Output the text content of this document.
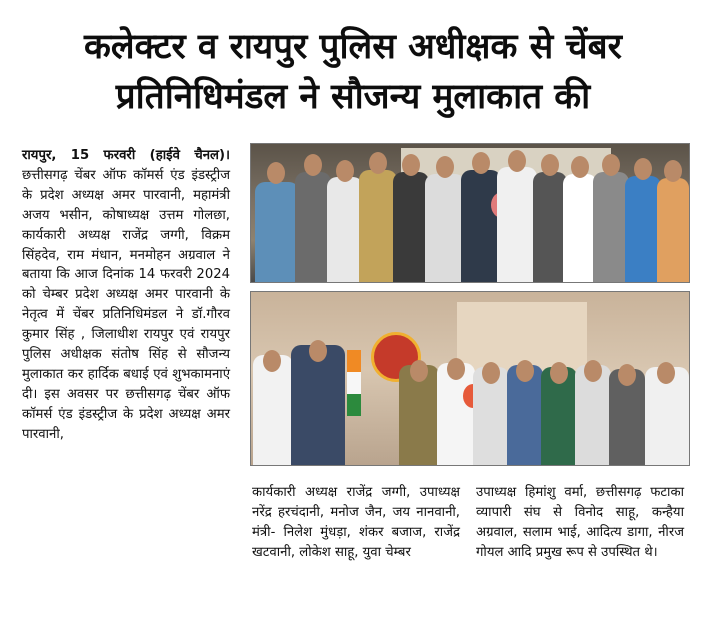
कलेक्टर व रायपुर पुलिस अधीक्षक से चेंबर
प्रतिनिधिमंडल ने सौजन्य मुलाकात की
रायपुर, 15 फरवरी (हाईवे चैनल)। छत्तीसगढ़ चेंबर ऑफ कॉमर्स एंड इंडस्ट्रीज के प्रदेश अध्यक्ष अमर पारवानी, महामंत्री अजय भसीन, कोषाध्यक्ष उत्तम गोलछा, कार्यकारी अध्यक्ष राजेंद्र जग्गी, विक्रम सिंहदेव, राम मंधान, मनमोहन अग्रवाल ने बताया कि आज दिनांक 14 फरवरी 2024 को चेम्बर प्रदेश अध्यक्ष अमर पारवानी के नेतृत्व में चेंबर प्रतिनिधिमंडल ने डॉ.गौरव कुमार सिंह , जिलाधीश रायपुर एवं रायपुर पुलिस अधीक्षक संतोष सिंह से सौजन्य मुलाकात कर हार्दिक बधाई एवं शुभकामनाएं दी। इस अवसर पर छत्तीसगढ़ चेंबर ऑफ कॉमर्स एंड इंडस्ट्रीज के प्रदेश अध्यक्ष अमर पारवानी,
कार्यकारी अध्यक्ष राजेंद्र जग्गी, उपाध्यक्ष नरेंद्र हरचंदानी, मनोज जैन, जय नानवानी, मंत्री- निलेश मुंधड़ा, शंकर बजाज, राजेंद्र खटवानी, लोकेश साहू, युवा चेम्बर
उपाध्यक्ष हिमांशु वर्मा, छत्तीसगढ़ फटाका व्यापारी संघ से विनोद साहू, कन्हैया अग्रवाल, सलाम भाई, आदित्य डागा, नीरज गोयल आदि प्रमुख रूप से उपस्थित थे।
